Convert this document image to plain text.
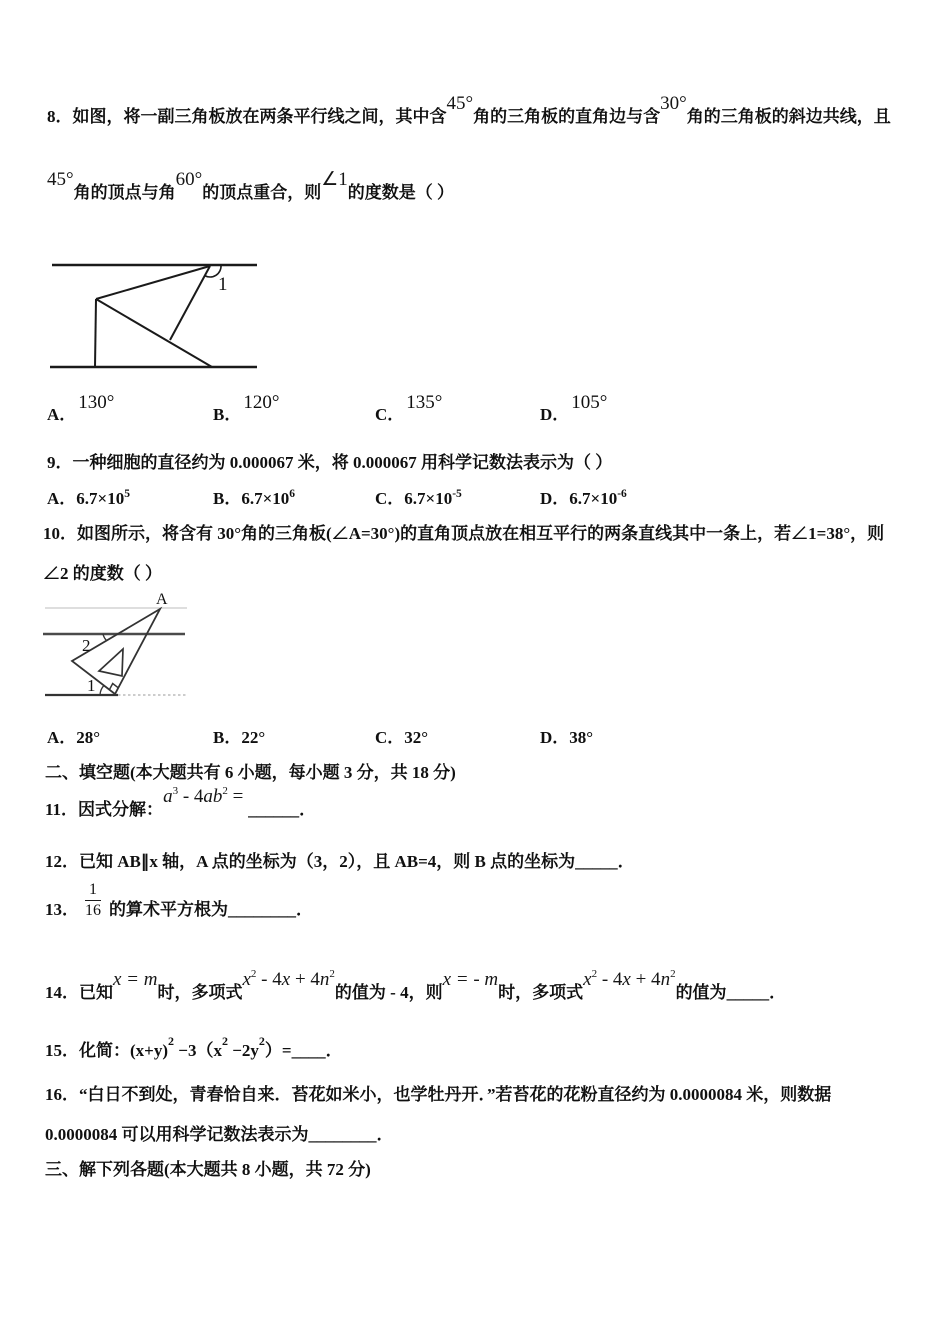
8．如图，将一副三角板放在两条平行线之间，其中含
45°
角的三角板的直角边与含
30°
角的三角板的斜边共线，且
45°
角的顶点与角
60°
的顶点重合，则
∠1
的度数是（ ）
1
A．
130°
B．
120°
C．
135°
D．
105°
9．一种细胞的直径约为 0.000067 米，将 0.000067 用科学记数法表示为（ ）
A． 6.7×10 5	B． 6.7×10 6	C． 6.7×10 -5	D． 6.7×10 -6
10．如图所示，将含有 30°角的三角板(∠A=30°)的直角顶点放在相互平行的两条直线其中一条上，若∠1=38°，则
∠2 的度数（ ）
A
2
1
A． 28°	B． 22°	C． 32°	D． 38°
二、填空题(本大题共有 6 小题，每小题 3 分，共 18 分)
11．因式分解：
$a^3 - 4ab^2$ =
______ ．
12．已知 AB∥x 轴，A 点的坐标为（3，2），且 AB=4，则 B 点的坐标为_____．
13． $\frac{1}{16}$ 的算术平方根为________．
14．已知
x = m
时，多项式
$x^2 - 4x + 4n^2$
的值为 - 4，则
x = - m
时，多项式
$x^2 - 4x + 4n^2$
的值为 _____ ．
15．化简：(x+y) 2 −3（x 2 −2y 2 ）= ____ ．
16．“白日不到处，青春恰自来．苔花如米小，也学牡丹开．”若苔花的花粉直径约为 0.0000084 米，则数据
0.0000084 可以用科学记数法表示为________．
三、解下列各题(本大题共 8 小题，共 72 分)
